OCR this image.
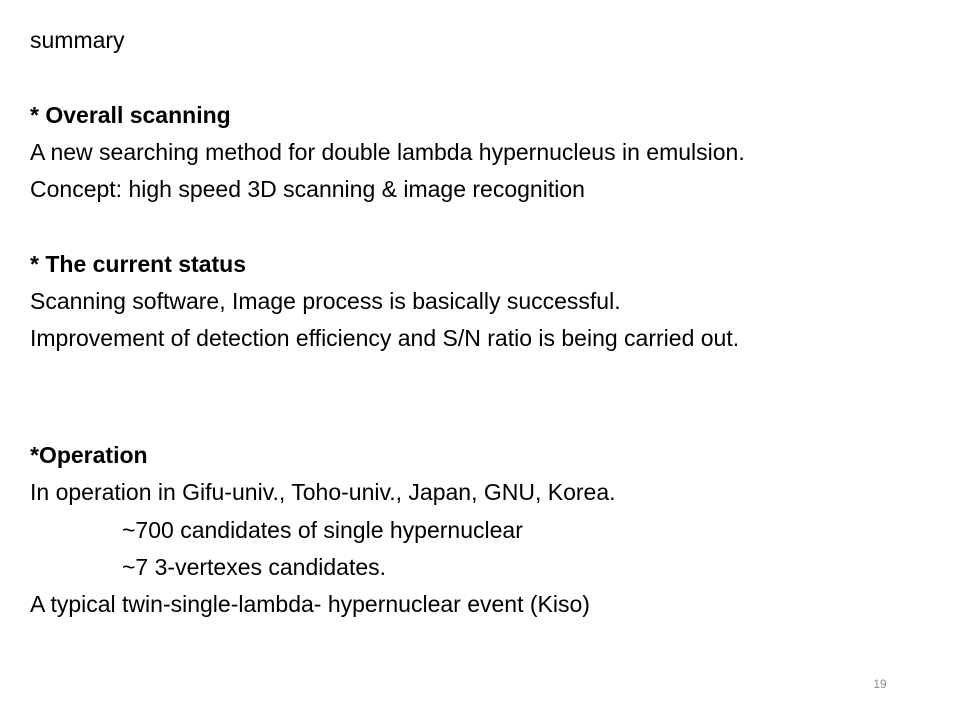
summary
* Overall scanning
A new searching method for double lambda hypernucleus in emulsion.
Concept: high speed 3D scanning & image recognition
* The current status
Scanning software, Image process is basically successful.
Improvement of detection efficiency and S/N ratio is being carried out.
*Operation
In operation in Gifu-univ., Toho-univ., Japan, GNU, Korea.
~700 candidates of single hypernuclear
~7 3-vertexes candidates.
A typical twin-single-lambda- hypernuclear event (Kiso)
19
